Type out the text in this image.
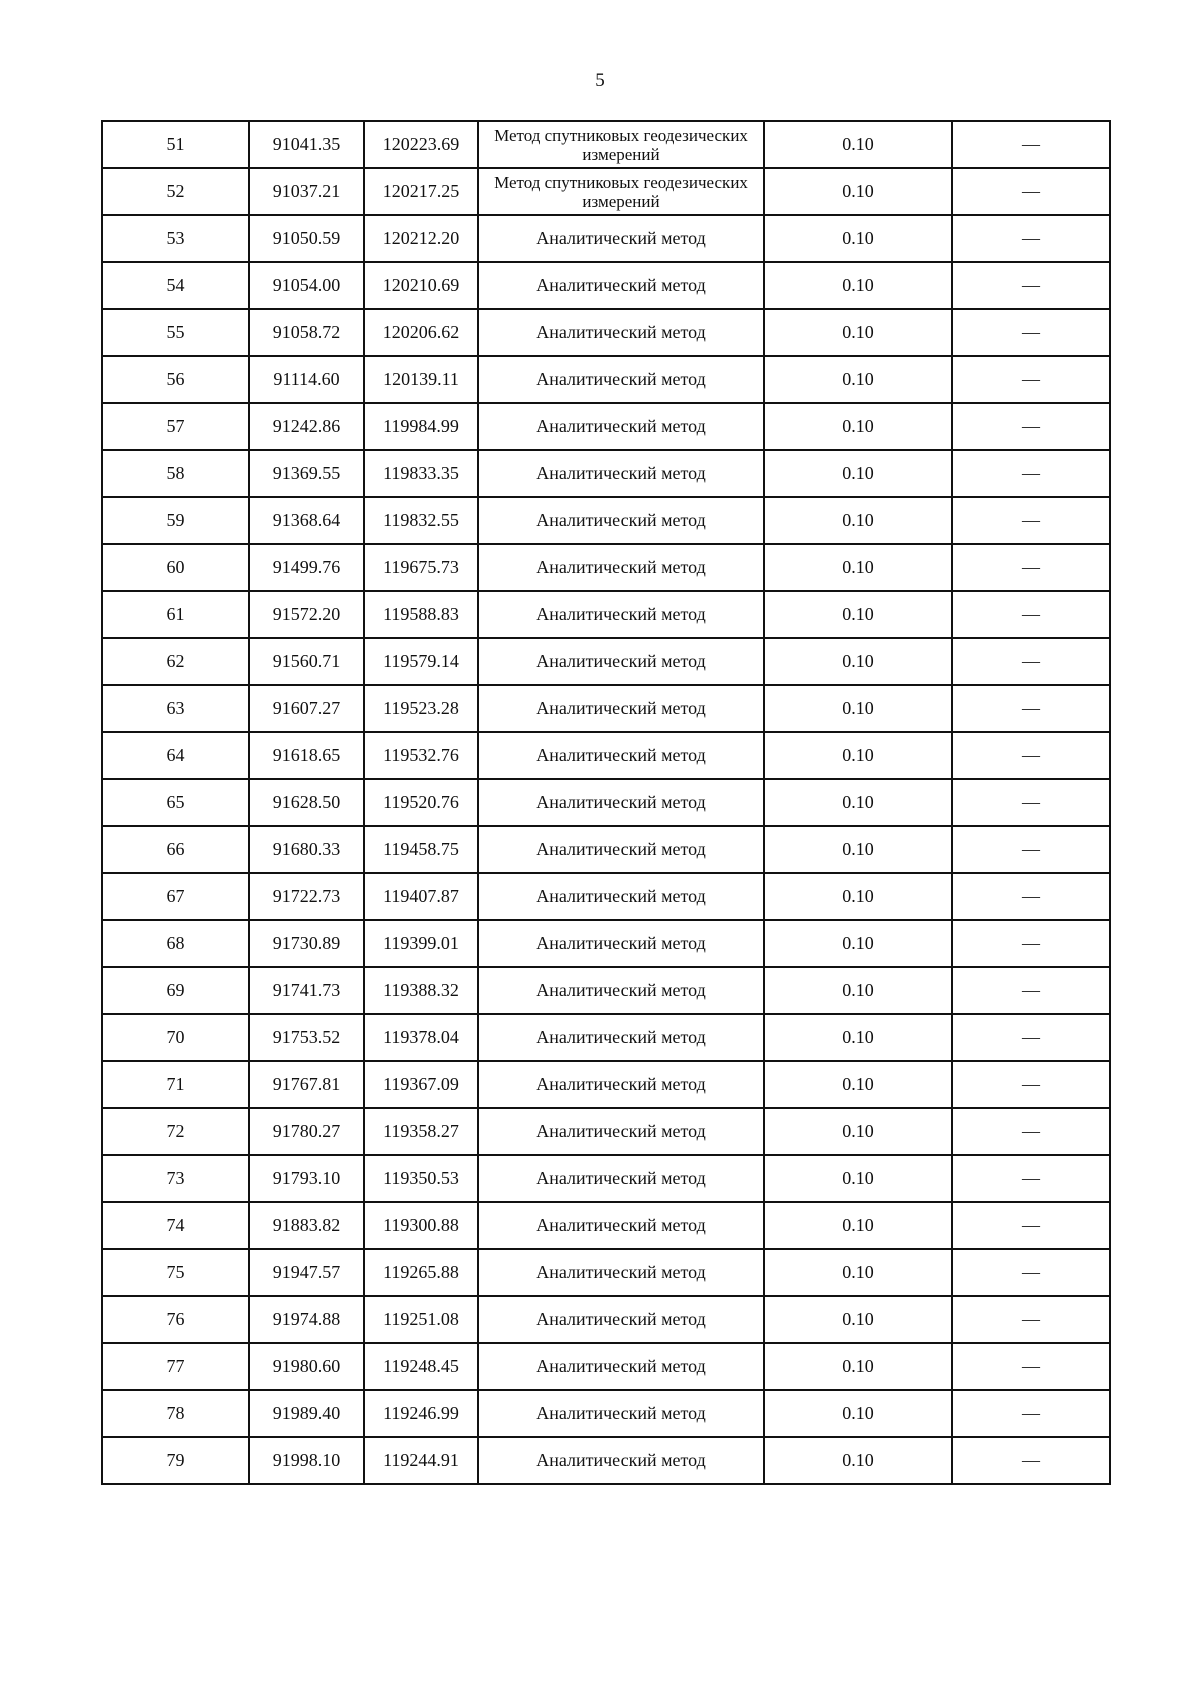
5
51	91041.35	120223.69	Метод спутниковых геодезических измерений	0.10	—
52	91037.21	120217.25	Метод спутниковых геодезических измерений	0.10	—
53	91050.59	120212.20	Аналитический метод	0.10	—
54	91054.00	120210.69	Аналитический метод	0.10	—
55	91058.72	120206.62	Аналитический метод	0.10	—
56	91114.60	120139.11	Аналитический метод	0.10	—
57	91242.86	119984.99	Аналитический метод	0.10	—
58	91369.55	119833.35	Аналитический метод	0.10	—
59	91368.64	119832.55	Аналитический метод	0.10	—
60	91499.76	119675.73	Аналитический метод	0.10	—
61	91572.20	119588.83	Аналитический метод	0.10	—
62	91560.71	119579.14	Аналитический метод	0.10	—
63	91607.27	119523.28	Аналитический метод	0.10	—
64	91618.65	119532.76	Аналитический метод	0.10	—
65	91628.50	119520.76	Аналитический метод	0.10	—
66	91680.33	119458.75	Аналитический метод	0.10	—
67	91722.73	119407.87	Аналитический метод	0.10	—
68	91730.89	119399.01	Аналитический метод	0.10	—
69	91741.73	119388.32	Аналитический метод	0.10	—
70	91753.52	119378.04	Аналитический метод	0.10	—
71	91767.81	119367.09	Аналитический метод	0.10	—
72	91780.27	119358.27	Аналитический метод	0.10	—
73	91793.10	119350.53	Аналитический метод	0.10	—
74	91883.82	119300.88	Аналитический метод	0.10	—
75	91947.57	119265.88	Аналитический метод	0.10	—
76	91974.88	119251.08	Аналитический метод	0.10	—
77	91980.60	119248.45	Аналитический метод	0.10	—
78	91989.40	119246.99	Аналитический метод	0.10	—
79	91998.10	119244.91	Аналитический метод	0.10	—
